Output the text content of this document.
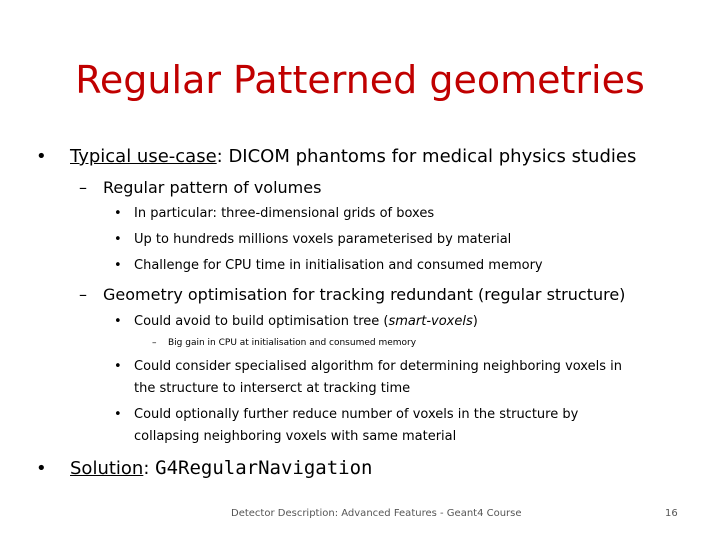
Regular Patterned geometries
• Typical use-case: DICOM phantoms for medical physics studies
– Regular pattern of volumes
• In particular: three-dimensional grids of boxes
• Up to hundreds millions voxels parameterised by material
• Challenge for CPU time in initialisation and consumed memory
– Geometry optimisation for tracking redundant (regular structure)
• Could avoid to build optimisation tree (smart-voxels)
– Big gain in CPU at initialisation and consumed memory
• Could consider specialised algorithm for determining neighboring voxels in
the structure to interserct at tracking time
• Could optionally further reduce number of voxels in the structure by
collapsing neighboring voxels with same material
• Solution: G4RegularNavigation
Detector Description: Advanced Features - Geant4 Course	16
